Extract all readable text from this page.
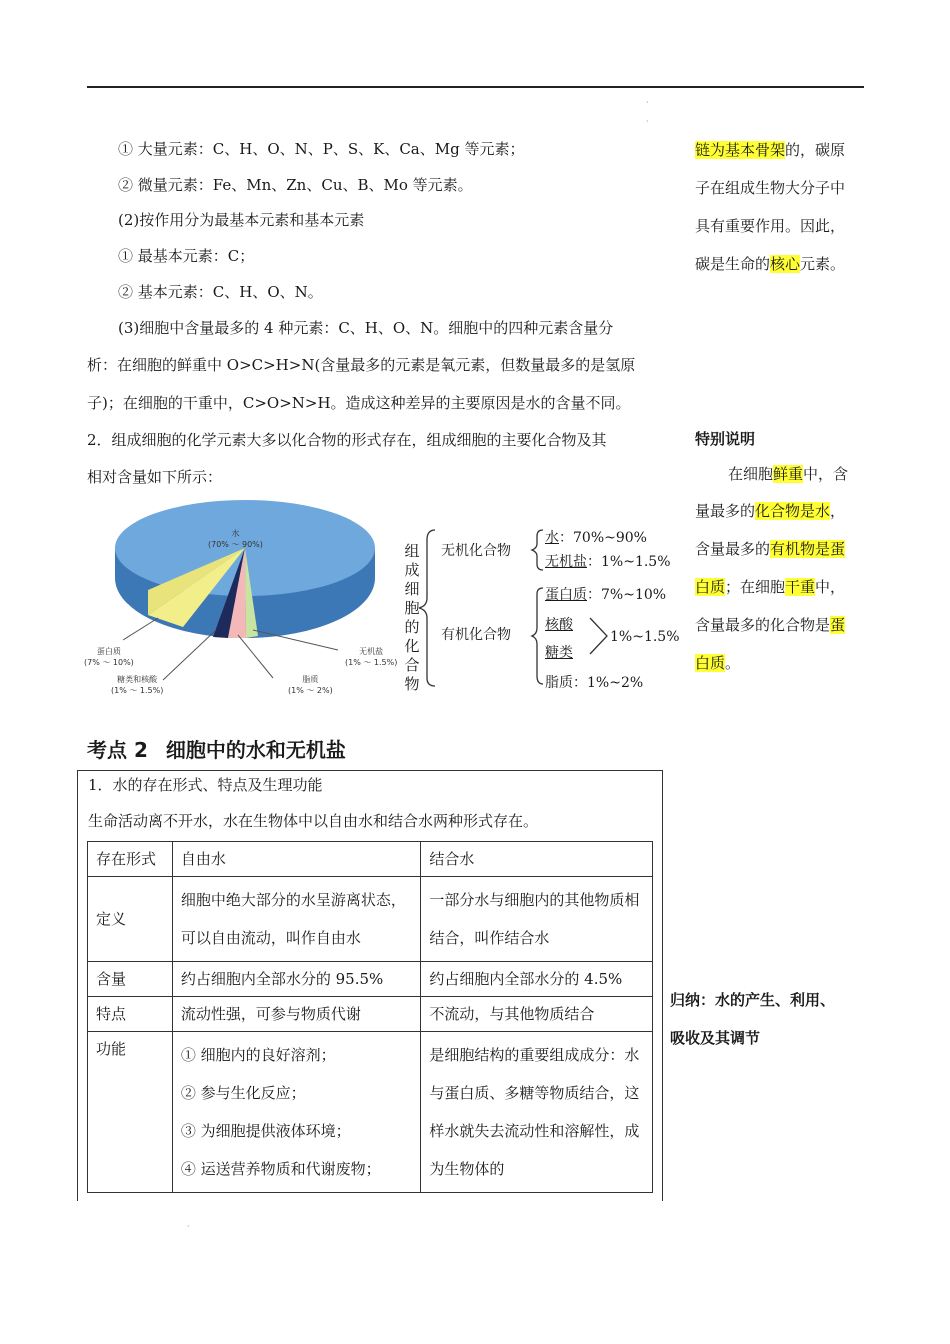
·
·
① 大量元素：C、H、O、N、P、S、K、Ca、Mg 等元素；
② 微量元素：Fe、Mn、Zn、Cu、B、Mo 等元素。
(2)按作用分为最基本元素和基本元素
① 最基本元素：C；
② 基本元素：C、H、O、N。
(3)细胞中含量最多的 4 种元素：C、H、O、N。细胞中的四种元素含量分
析：在细胞的鲜重中 O>C>H>N(含量最多的元素是氧元素，但数量最多的是氢原
子)；在细胞的干重中，C>O>N>H。造成这种差异的主要原因是水的含量不同。
2．组成细胞的化学元素大多以化合物的形式存在，组成细胞的主要化合物及其
相对含量如下所示：
链为基本骨架的，碳原
子在组成生物大分子中
具有重要作用。因此，
碳是生命的核心元素。
特别说明
在细胞鲜重中，含
量最多的化合物是水，
含量最多的有机物是蛋
白质；在细胞干重中，
含量最多的化合物是蛋
白质。
水
(70% ～ 90%)
蛋白质
(7% ～ 10%)
糖类和核酸
(1% ～ 1.5%)
脂质
(1% ～ 2%)
无机盐
(1% ～ 1.5%)
组成细胞的化合物
无机化合物
水：70%~90%
无机盐：1%~1.5%
有机化合物
蛋白质：7%~10%
核酸
糖类
1%~1.5%
脂质：1%~2%
考点 2 细胞中的水和无机盐
1．水的存在形式、特点及生理功能
生命活动离不开水，水在生物体中以自由水和结合水两种形式存在。
存在形式	自由水	结合水
定义	细胞中绝大部分的水呈游离状态，可以自由流动，叫作自由水	一部分水与细胞内的其他物质相结合，叫作结合水
含量	约占细胞内全部水分的 95.5%	约占细胞内全部水分的 4.5%
特点	流动性强，可参与物质代谢	不流动，与其他物质结合
功能	① 细胞内的良好溶剂；
② 参与生化反应；
③ 为细胞提供液体环境；
④ 运送营养物质和代谢废物；	是细胞结构的重要组成成分：水与蛋白质、多糖等物质结合，这样水就失去流动性和溶解性，成为生物体的
归纳：水的产生、利用、
吸收及其调节
·
